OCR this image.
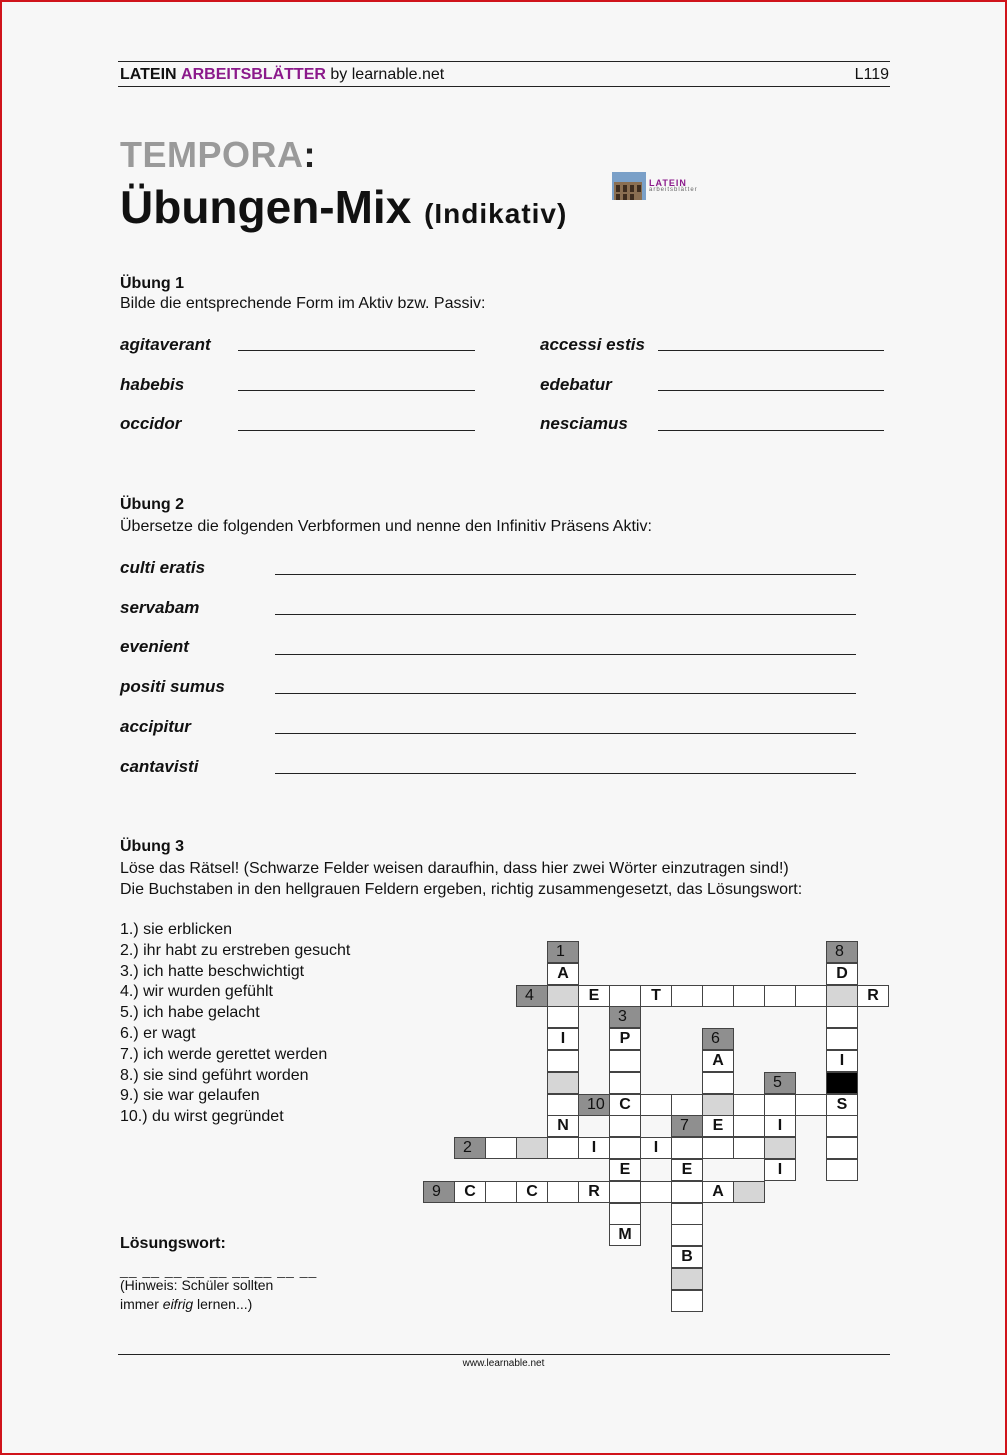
LATEIN ARBEITSBLÄTTER by learnable.net	L119
TEMPORA:
Übungen-Mix (Indikativ)
LATEIN
arbeitsblätter
Übung 1
Bilde die entsprechende Form im Aktiv bzw. Passiv:
agitaverant	accessi estis
habebis	edebatur
occidor	nesciamus
Übung 2
Übersetze die folgenden Verbformen und nenne den Infinitiv Präsens Aktiv:
culti eratis
servabam
evenient
positi sumus
accipitur
cantavisti
Übung 3
Löse das Rätsel! (Schwarze Felder weisen daraufhin, dass hier zwei Wörter einzutragen sind!)
Die Buchstaben in den hellgrauen Feldern ergeben, richtig zusammengesetzt, das Lösungswort:
1.) sie erblicken
2.) ihr habt zu erstreben gesucht
3.) ich hatte beschwichtigt
4.) wir wurden gefühlt
5.) ich habe gelacht
6.) er wagt
7.) ich werde gerettet werden
8.) sie sind geführt worden
9.) sie war gelaufen
10.) du wirst gegründet
1	8
A	D
4	E	T	R
3
I	P	6
A	I
5
10 C	S
N	7	E	I
2	I	I
E	E	I
9	C	C	R	A
M
B
Lösungswort:
__ __ __ __ __ __ __ __ __
(Hinweis: Schüler sollten
immer eifrig lernen...)
www.learnable.net
